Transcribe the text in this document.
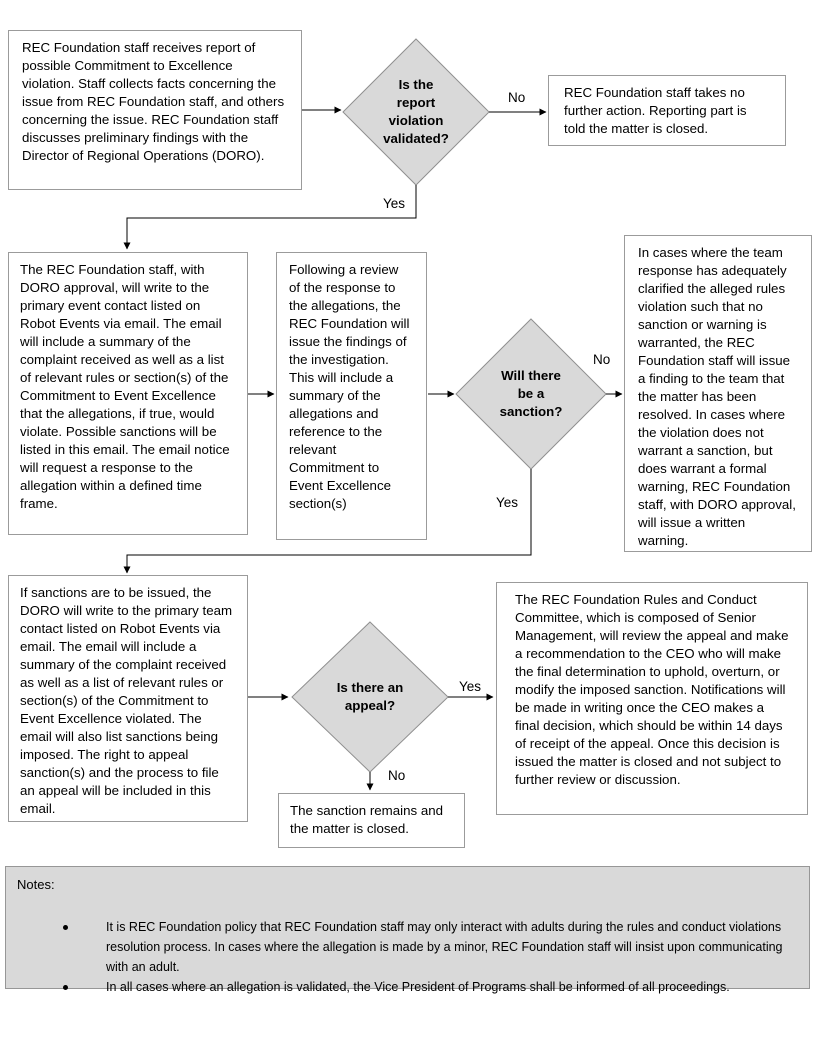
REC Foundation staff receives report of possible Commitment to Excellence violation. Staff collects facts concerning the issue from REC Foundation staff, and others concerning the issue. REC Foundation staff discusses preliminary findings with the Director of Regional Operations (DORO).
REC Foundation staff takes no further action. Reporting part is told the matter is closed.
The REC Foundation staff, with DORO approval, will write to the primary event contact listed on Robot Events via email. The email will include a summary of the complaint received as well as a list of relevant rules or section(s) of the Commitment to Event Excellence that the allegations, if true, would violate. Possible sanctions will be listed in this email. The email notice will request a response to the allegation within a defined time frame.
Following a review of the response to the allegations, the REC Foundation will issue the findings of the investigation. This will include a summary of the allegations and reference to the relevant Commitment to Event Excellence section(s)
In cases where the team response has adequately clarified the alleged rules violation such that no sanction or warning is warranted, the REC Foundation staff will issue a finding to the team that the matter has been resolved. In cases where the violation does not warrant a sanction, but does warrant a formal warning, REC Foundation staff, with DORO approval, will issue a written warning.
If sanctions are to be issued, the DORO will write to the primary team contact listed on Robot Events via email. The email will include a summary of the complaint received as well as a list of relevant rules or section(s) of the Commitment to Event Excellence violated. The email will also list sanctions being imposed. The right to appeal sanction(s) and the process to file an appeal will be included in this email.
The REC Foundation Rules and Conduct Committee, which is composed of Senior Management, will review the appeal and make a recommendation to the CEO who will make the final determination to uphold, overturn, or modify the imposed sanction. Notifications will be made in writing once the CEO makes a final decision, which should be within 14 days of receipt of the appeal. Once this decision is issued the matter is closed and not subject to further review or discussion.
The sanction remains and the matter is closed.
Is the
report
violation
validated?
Will there
be a
sanction?
Is there an
appeal?
No
Yes
No
Yes
Yes
No
Notes:
It is REC Foundation policy that REC Foundation staff may only interact with adults during the rules and conduct violations resolution process. In cases where the allegation is made by a minor, REC Foundation staff will insist upon communicating with an adult.
In all cases where an allegation is validated, the Vice President of Programs shall be informed of all proceedings.
